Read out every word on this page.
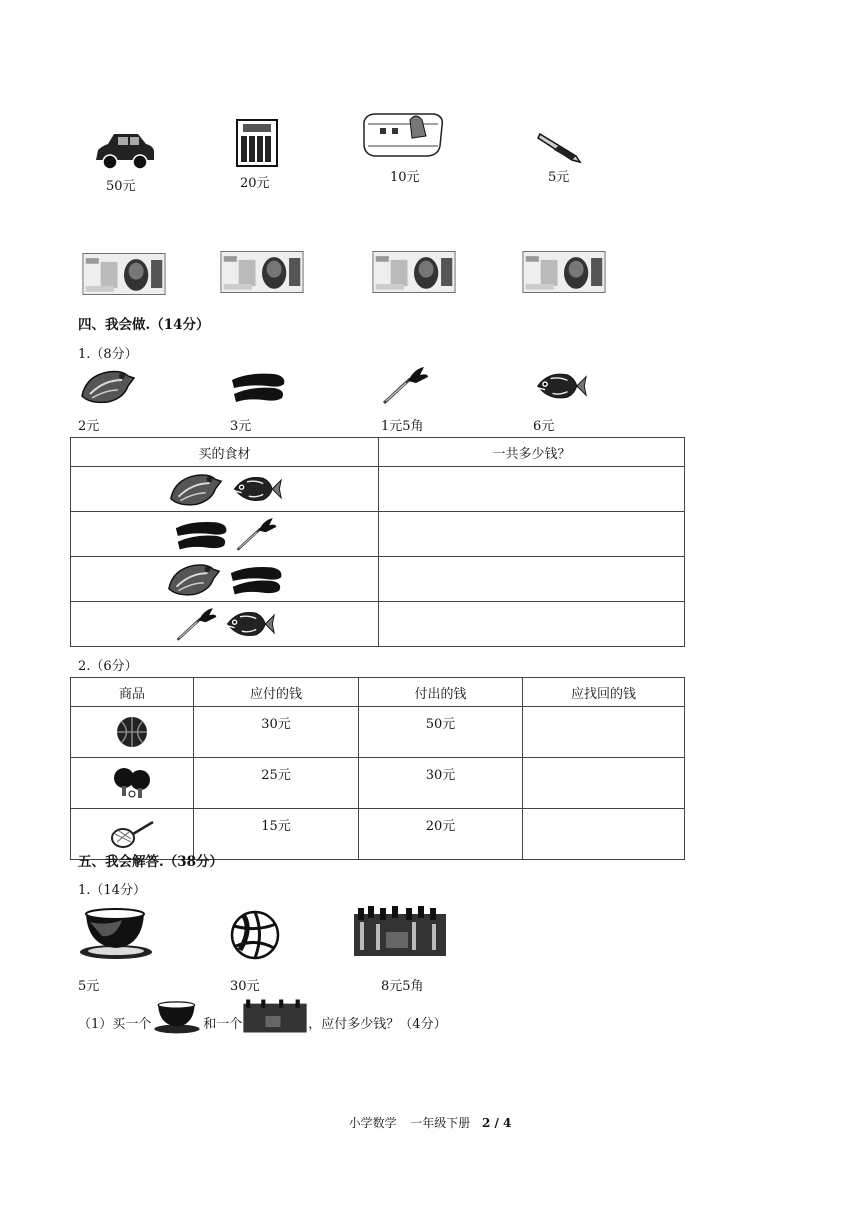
50元	20元	10元	5元
四、我会做.（14分）
1.（8分）
2元	3元	1元5角	6元
买的食材	一共多少钱？

2.（6分）
商品	应付的钱	付出的钱	应找回的钱

	30元	50元	

	25元	30元	

	15元	20元	
五、我会解答.（38分）
1.（14分）
5元	30元	8元5角
（1）买一个	和一个	，应付多少钱？（4分）
小学数学 一年级下册 2 / 4
